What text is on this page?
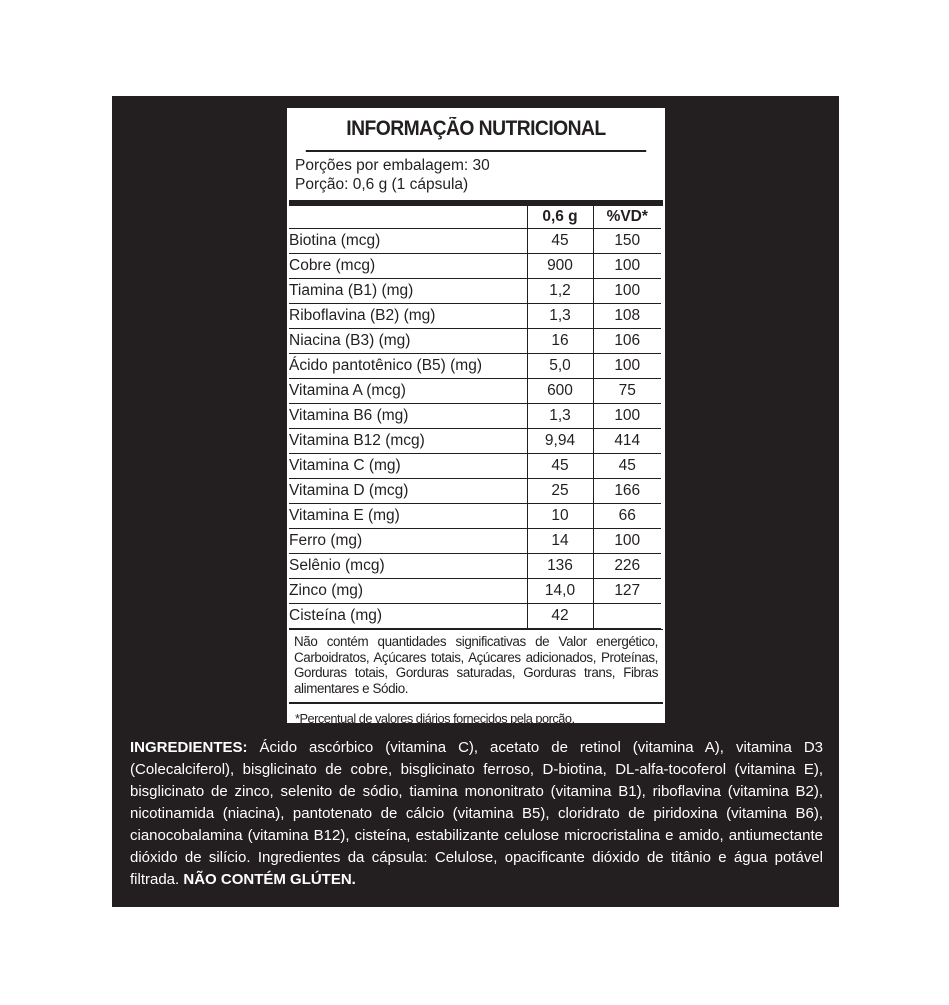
INFORMAÇÃO NUTRICIONAL
Porções por embalagem: 30
Porção: 0,6 g (1 cápsula)
	0,6 g	%VD*
Biotina (mcg)	45	150
Cobre (mcg)	900	100
Tiamina (B1) (mg)	1,2	100
Riboflavina (B2) (mg)	1,3	108
Niacina (B3) (mg)	16	106
Ácido pantotênico (B5) (mg)	5,0	100
Vitamina A (mcg)	600	75
Vitamina B6 (mg)	1,3	100
Vitamina B12 (mcg)	9,94	414
Vitamina C (mg)	45	45
Vitamina D (mcg)	25	166
Vitamina E (mg)	10	66
Ferro (mg)	14	100
Selênio (mcg)	136	226
Zinco (mg)	14,0	127
Cisteína (mg)	42	
Não contém quantidades significativas de Valor energético, Carboidratos, Açúcares totais, Açúcares adicionados, Proteínas, Gorduras totais, Gorduras saturadas, Gorduras trans, Fibras alimentares e Sódio.
*Percentual de valores diários fornecidos pela porção.
INGREDIENTES: Ácido ascórbico (vitamina C), acetato de retinol (vitamina A), vitamina D3 (Colecalciferol), bisglicinato de cobre, bisglicinato ferroso, D-biotina, DL-alfa-tocoferol (vitamina E), bisglicinato de zinco, selenito de sódio, tiamina mononitrato (vitamina B1), riboflavina (vitamina B2), nicotinamida (niacina), pantotenato de cálcio (vitamina B5), cloridrato de piridoxina (vitamina B6), cianocobalamina (vitamina B12), cisteína, estabilizante celulose microcristalina e amido, antiumectante dióxido de silício. Ingredientes da cápsula: Celulose, opacificante dióxido de titânio e água potável filtrada. NÃO CONTÉM GLÚTEN.
